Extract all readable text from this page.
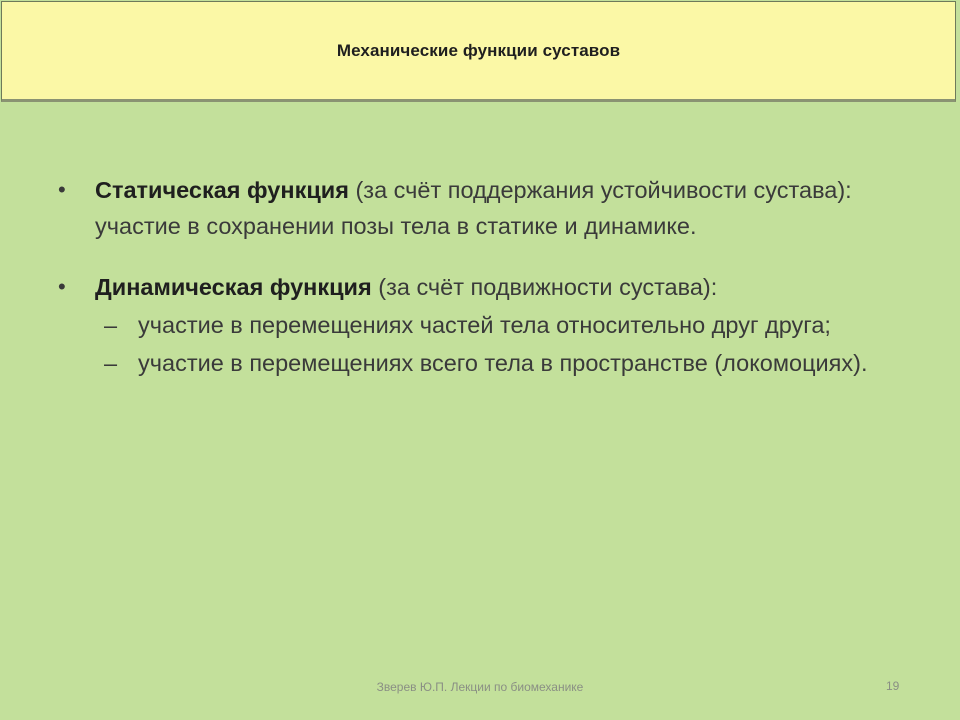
Механические функции суставов
• Статическая функция (за счёт поддержания устойчивости сустава): участие в сохранении позы тела в статике и динамике.
• Динамическая функция (за счёт подвижности сустава):
– участие в перемещениях частей тела относительно друг друга;
– участие в перемещениях всего тела в пространстве (локомоциях).
Зверев Ю.П. Лекции по биомеханике	19
